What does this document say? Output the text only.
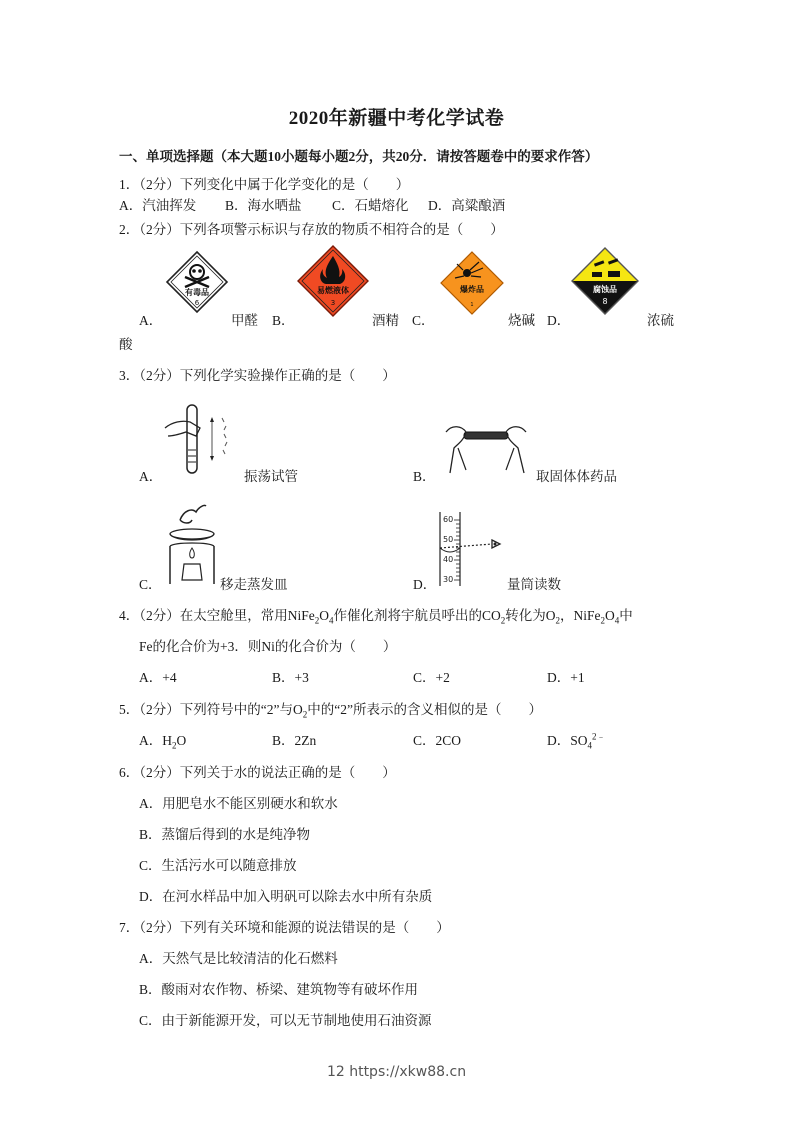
2020年新疆中考化学试卷
一、单项选择题（本大题10小题每小题2分，共20分．请按答题卷中的要求作答）
1．（2分）下列变化中属于化学变化的是（　　）
A．汽油挥发 B．海水晒盐 C．石蜡熔化 D．高粱酿酒
2．（2分）下列各项警示标识与存放的物质不相符合的是（　　）
A．
有毒品
6
甲醛 B．
易燃液体
3
酒精 C．
爆炸品
1
烧碱 D．
腐蚀品
8
浓硫
酸
3．（2分）下列化学实验操作正确的是（　　）
A．	振荡试管	B．	取固体体药品
C．	移走蒸发皿	D．
60
50
40
30	量筒读数
4．（2分）在太空舱里，常用$NiFe_2O_4$作催化剂将宇航员呼出的$CO_2$转化为$O_2$，$NiFe_2O_4$中
Fe的化合价为+3．则Ni的化合价为（　　）
A．+4	B．+3	C．+2	D．+1
5．（2分）下列符号中的“2”与$O_2$中的“2”所表示的含义相似的是（　　）
A．$H_2O$	B．2Zn	C．2CO	D．$SO_4^{2﹣}$
6．（2分）下列关于水的说法正确的是（　　）
A．用肥皂水不能区别硬水和软水
B．蒸馏后得到的水是纯净物
C．生活污水可以随意排放
D．在河水样品中加入明矾可以除去水中所有杂质
7．（2分）下列有关环境和能源的说法错误的是（　　）
A．天然气是比较清洁的化石燃料
B．酸雨对农作物、桥梁、建筑物等有破坏作用
C．由于新能源开发，可以无节制地使用石油资源
12 https://xkw88.cn
